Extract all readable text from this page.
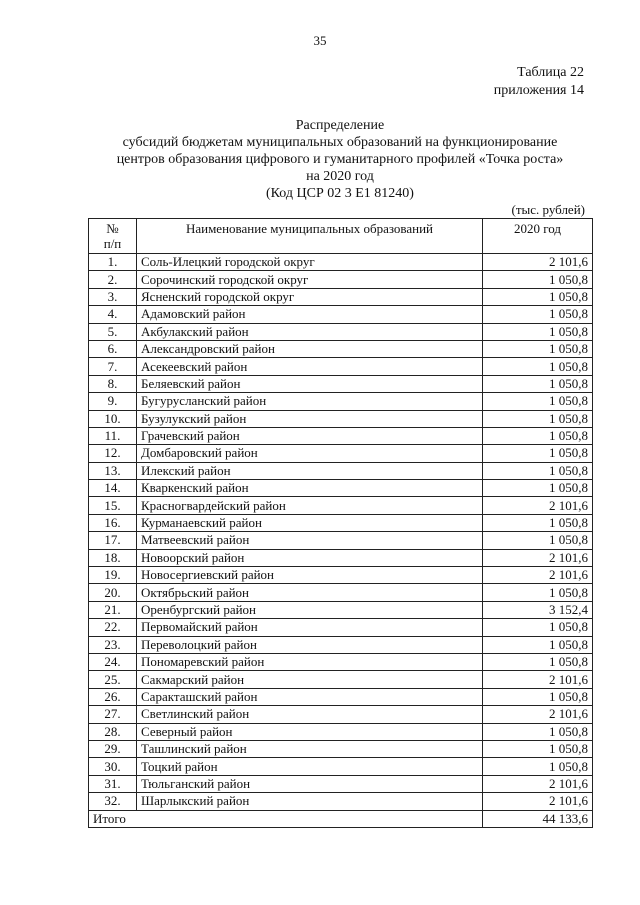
35
Таблица 22
приложения 14
Распределение
субсидий бюджетам муниципальных образований на функционирование
центров образования цифрового и гуманитарного профилей «Точка роста»
на 2020 год
(Код ЦСР 02 3 E1 81240)
(тыс. рублей)
№
п/п	Наименование муниципальных образований	2020 год
1.	Соль-Илецкий городской округ	2 101,6
2.	Сорочинский городской округ	1 050,8
3.	Ясненский городской округ	1 050,8
4.	Адамовский район	1 050,8
5.	Акбулакский район	1 050,8
6.	Александровский район	1 050,8
7.	Асекеевский район	1 050,8
8.	Беляевский район	1 050,8
9.	Бугурусланский район	1 050,8
10.	Бузулукский район	1 050,8
11.	Грачевский район	1 050,8
12.	Домбаровский район	1 050,8
13.	Илекский район	1 050,8
14.	Кваркенский район	1 050,8
15.	Красногвардейский район	2 101,6
16.	Курманаевский район	1 050,8
17.	Матвеевский район	1 050,8
18.	Новоорский район	2 101,6
19.	Новосергиевский район	2 101,6
20.	Октябрьский район	1 050,8
21.	Оренбургский район	3 152,4
22.	Первомайский район	1 050,8
23.	Переволоцкий район	1 050,8
24.	Пономаревский район	1 050,8
25.	Сакмарский район	2 101,6
26.	Саракташский район	1 050,8
27.	Светлинский район	2 101,6
28.	Северный район	1 050,8
29.	Ташлинский район	1 050,8
30.	Тоцкий район	1 050,8
31.	Тюльганский район	2 101,6
32.	Шарлыкский район	2 101,6
Итого		44 133,6
